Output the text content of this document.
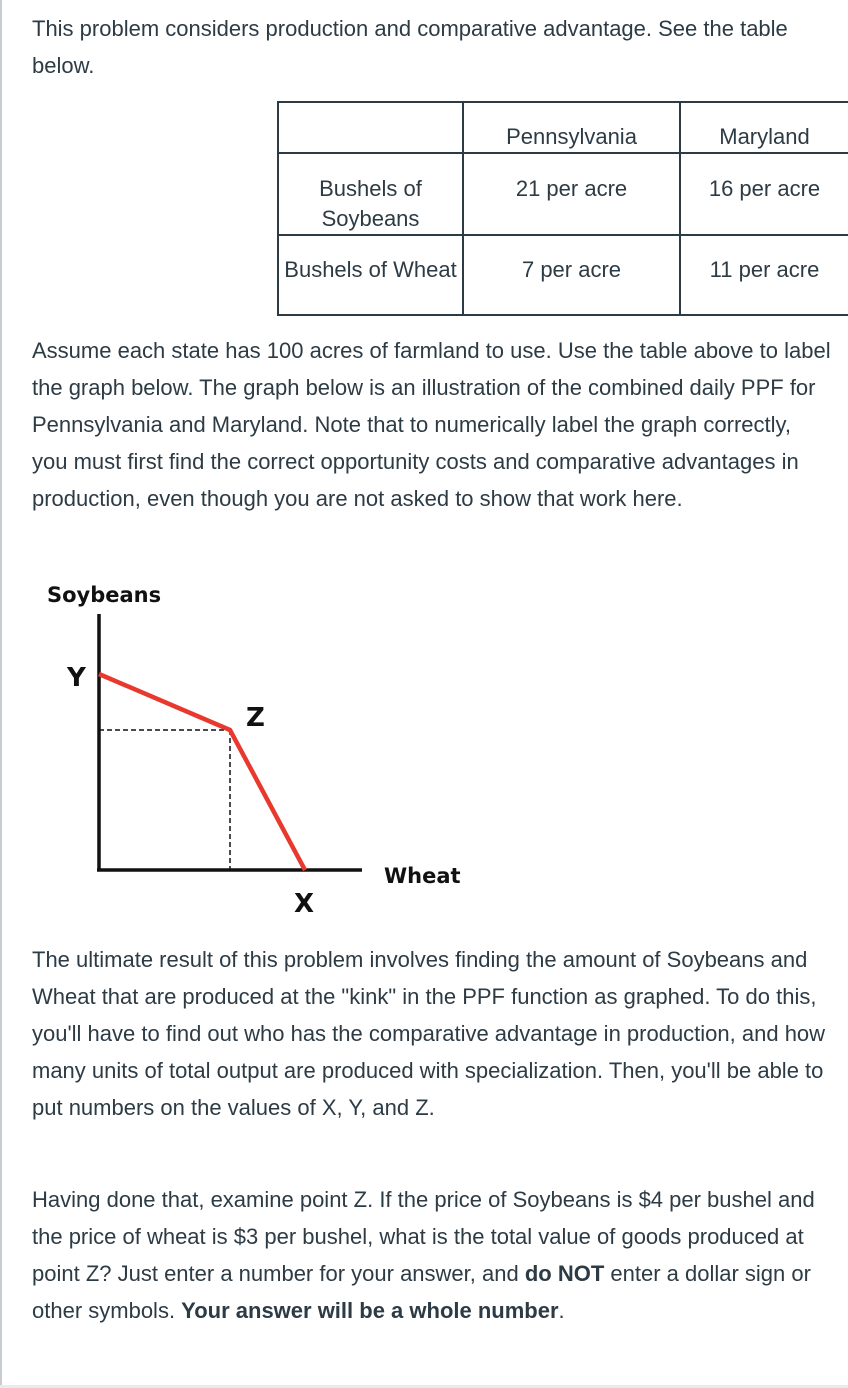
This problem considers production and comparative advantage. See the table below.

	Pennsylvania	Maryland
Bushels of Soybeans	21 per acre	16 per acre
Bushels of Wheat	7 per acre	11 per acre

Assume each state has 100 acres of farmland to use. Use the table above to label the graph below. The graph below is an illustration of the combined daily PPF for Pennsylvania and Maryland. Note that to numerically label the graph correctly, you must first find the correct opportunity costs and comparative advantages in production, even though you are not asked to show that work here.

Soybeans
Y
Z
X
Wheat

The ultimate result of this problem involves finding the amount of Soybeans and Wheat that are produced at the "kink" in the PPF function as graphed. To do this, you'll have to find out who has the comparative advantage in production, and how many units of total output are produced with specialization. Then, you'll be able to put numbers on the values of X, Y, and Z.

Having done that, examine point Z. If the price of Soybeans is $4 per bushel and the price of wheat is $3 per bushel, what is the total value of goods produced at point Z? Just enter a number for your answer, and do NOT enter a dollar sign or other symbols. Your answer will be a whole number.
